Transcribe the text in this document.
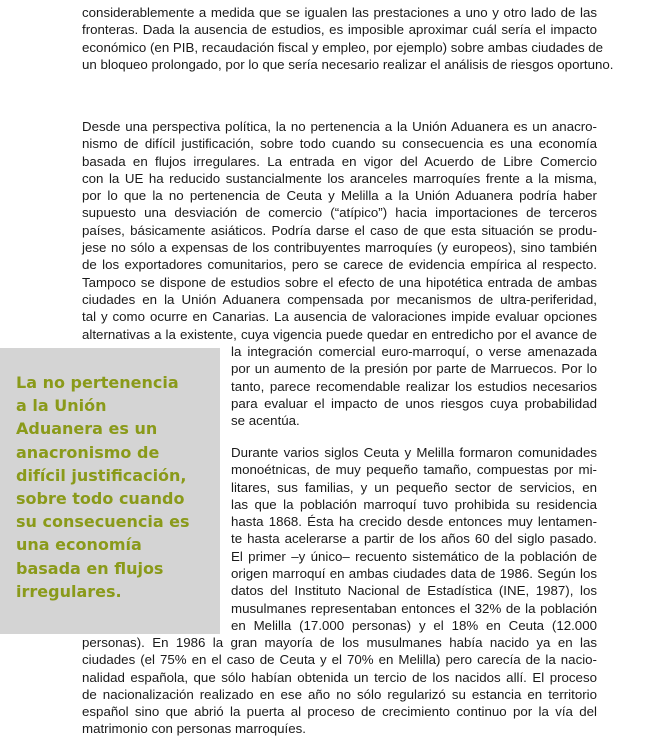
considerablemente a medida que se igualen las prestaciones a uno y otro lado de las
fronteras. Dada la ausencia de estudios, es imposible aproximar cuál sería el impacto
económico (en PIB, recaudación fiscal y empleo, por ejemplo) sobre ambas ciudades de
un bloqueo prolongado, por lo que sería necesario realizar el análisis de riesgos oportuno.
Desde una perspectiva política, la no pertenencia a la Unión Aduanera es un anacro-
nismo de difícil justificación, sobre todo cuando su consecuencia es una economía
basada en flujos irregulares. La entrada en vigor del Acuerdo de Libre Comercio
con la UE ha reducido sustancialmente los aranceles marroquíes frente a la misma,
por lo que la no pertenencia de Ceuta y Melilla a la Unión Aduanera podría haber
supuesto una desviación de comercio (“atípico”) hacia importaciones de terceros
países, básicamente asiáticos. Podría darse el caso de que esta situación se produ-
jese no sólo a expensas de los contribuyentes marroquíes (y europeos), sino también
de los exportadores comunitarios, pero se carece de evidencia empírica al respecto.
Tampoco se dispone de estudios sobre el efecto de una hipotética entrada de ambas
ciudades en la Unión Aduanera compensada por mecanismos de ultra-periferidad,
tal y como ocurre en Canarias. La ausencia de valoraciones impide evaluar opciones
alternativas a la existente, cuya vigencia puede quedar en entredicho por el avance de
la integración comercial euro-marroquí, o verse amenazada
por un aumento de la presión por parte de Marruecos. Por lo
tanto, parece recomendable realizar los estudios necesarios
para evaluar el impacto de unos riesgos cuya probabilidad
se acentúa.
La no pertenencia
a la Unión
Aduanera es un
anacronismo de
difícil justificación,
sobre todo cuando
su consecuencia es
una economía
basada en flujos
irregulares.
Durante varios siglos Ceuta y Melilla formaron comunidades
monoétnicas, de muy pequeño tamaño, compuestas por mi-
litares, sus familias, y un pequeño sector de servicios, en
las que la población marroquí tuvo prohibida su residencia
hasta 1868. Ésta ha crecido desde entonces muy lentamen-
te hasta acelerarse a partir de los años 60 del siglo pasado.
El primer –y único– recuento sistemático de la población de
origen marroquí en ambas ciudades data de 1986. Según los
datos del Instituto Nacional de Estadística (INE, 1987), los
musulmanes representaban entonces el 32% de la población
en Melilla (17.000 personas) y el 18% en Ceuta (12.000
personas). En 1986 la gran mayoría de los musulmanes había nacido ya en las
ciudades (el 75% en el caso de Ceuta y el 70% en Melilla) pero carecía de la nacio-
nalidad española, que sólo habían obtenida un tercio de los nacidos allí. El proceso
de nacionalización realizado en ese año no sólo regularizó su estancia en territorio
español sino que abrió la puerta al proceso de crecimiento continuo por la vía del
matrimonio con personas marroquíes.
